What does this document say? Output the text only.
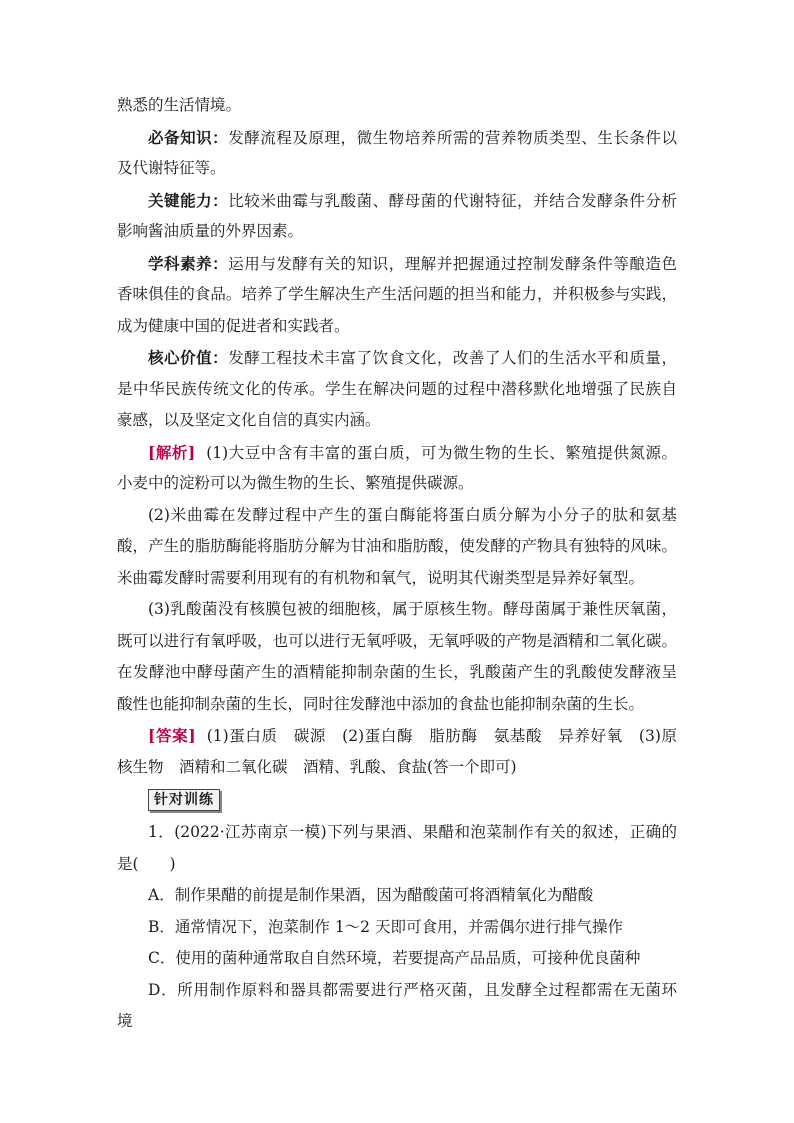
熟悉的生活情境。
必备知识：发酵流程及原理，微生物培养所需的营养物质类型、生长条件以
及代谢特征等。
关键能力：比较米曲霉与乳酸菌、酵母菌的代谢特征，并结合发酵条件分析
影响酱油质量的外界因素。
学科素养：运用与发酵有关的知识，理解并把握通过控制发酵条件等酿造色
香味俱佳的食品。培养了学生解决生产生活问题的担当和能力，并积极参与实践，
成为健康中国的促进者和实践者。
核心价值：发酵工程技术丰富了饮食文化，改善了人们的生活水平和质量，
是中华民族传统文化的传承。学生在解决问题的过程中潜移默化地增强了民族自
豪感，以及坚定文化自信的真实内涵。
[解析] (1)大豆中含有丰富的蛋白质，可为微生物的生长、繁殖提供氮源。
小麦中的淀粉可以为微生物的生长、繁殖提供碳源。
(2)米曲霉在发酵过程中产生的蛋白酶能将蛋白质分解为小分子的肽和氨基
酸，产生的脂肪酶能将脂肪分解为甘油和脂肪酸，使发酵的产物具有独特的风味。
米曲霉发酵时需要利用现有的有机物和氧气，说明其代谢类型是异养好氧型。
(3)乳酸菌没有核膜包被的细胞核，属于原核生物。酵母菌属于兼性厌氧菌，
既可以进行有氧呼吸，也可以进行无氧呼吸，无氧呼吸的产物是酒精和二氧化碳。
在发酵池中酵母菌产生的酒精能抑制杂菌的生长，乳酸菌产生的乳酸使发酵液呈
酸性也能抑制杂菌的生长，同时往发酵池中添加的食盐也能抑制杂菌的生长。
[答案] (1)蛋白质　碳源　(2)蛋白酶　脂肪酶　氨基酸　异养好氧　(3)原
核生物　酒精和二氧化碳　酒精、乳酸、食盐(答一个即可)
针对训练
1．(2022·江苏南京一模)下列与果酒、果醋和泡菜制作有关的叙述，正确的
是(　　)
A．制作果醋的前提是制作果酒，因为醋酸菌可将酒精氧化为醋酸
B．通常情况下，泡菜制作 1～2 天即可食用，并需偶尔进行排气操作
C．使用的菌种通常取自自然环境，若要提高产品品质，可接种优良菌种
D．所用制作原料和器具都需要进行严格灭菌，且发酵全过程都需在无菌环
境
